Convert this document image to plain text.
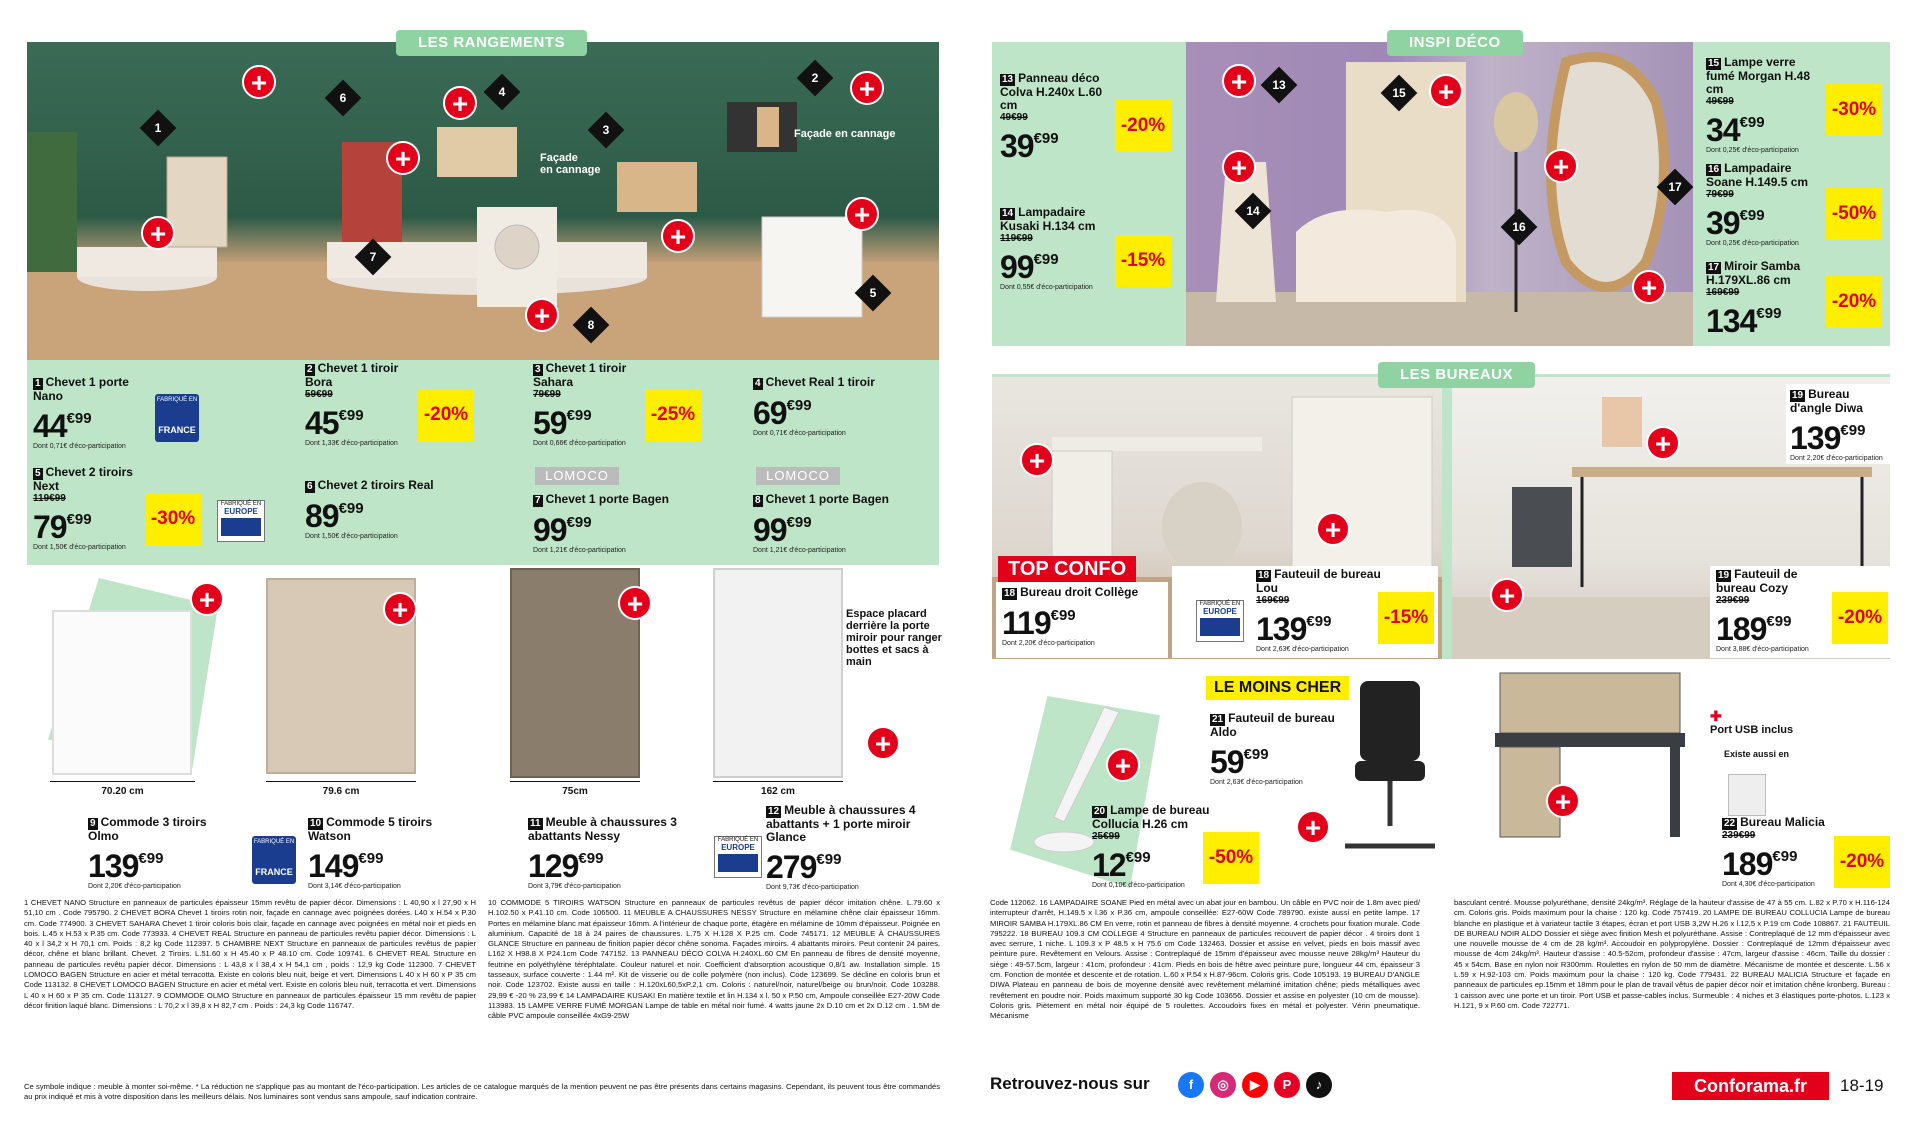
LES RANGEMENTS
1
2
3
4
5
6
7
8
+
+
+
+	+
+
+
+
Façade
en cannage
Façade en cannage
1 Chevet 1 porte Nano
$44^{€99}$
Dont 0,71€ d'éco-participation
FABRIQUÉ EN
FRANCE
2 Chevet 1 tiroir Bora
59€99
$45^{€99}$
Dont 1,33€ d'éco-participation
-20%
3 Chevet 1 tiroir Sahara
79€99
$59^{€99}$
Dont 0,66€ d'éco-participation
-25%
4 Chevet Real 1 tiroir
$69^{€99}$
Dont 0,71€ d'éco-participation
5 Chevet 2 tiroirs Next
119€99
$79^{€99}$
Dont 1,50€ d'éco-participation
-30%
FABRIQUÉ EN
EUROPE
6 Chevet 2 tiroirs Real
$89^{€99}$
Dont 1,50€ d'éco-participation
LOMOCO
7 Chevet 1 porte Bagen
$99^{€99}$
Dont 1,21€ d'éco-participation
LOMOCO
8 Chevet 1 porte Bagen
$99^{€99}$
Dont 1,21€ d'éco-participation
+	+	+
+
70.20 cm	79.6 cm	75cm	162 cm
Espace placard derrière la porte miroir pour ranger bottes et sacs à main
9 Commode 3 tiroirs Olmo
$139^{€99}$
Dont 2,20€ d'éco-participation
FABRIQUÉ EN
FRANCE
10 Commode 5 tiroirs Watson
$149^{€99}$
Dont 3,14€ d'éco-participation
11 Meuble à chaussures 3 abattants Nessy
$129^{€99}$
Dont 3,79€ d'éco-participation
FABRIQUÉ EN
EUROPE
12 Meuble à chaussures 4 abattants + 1 porte miroir Glance
$279^{€99}$
Dont 9,73€ d'éco-participation
1 CHEVET NANO Structure en panneaux de particules épaisseur 15mm revêtu de papier décor. Dimensions : L 40,90 x l 27,90 x H 51,10 cm . Code 795790. 2 CHEVET BORA Chevet 1 tiroirs rotin noir, façade en cannage avec poignées dorées. L40 x H.54 x P.30 cm. Code 774900. 3 CHEVET SAHARA Chevet 1 tiroir coloris bois clair, façade en cannage avec poignées en métal noir et pieds en bois. L.45 x H.53 x P.35 cm. Code 773933. 4 CHEVET REAL Structure en panneau de particules revêtu papier décor. Dimensions : L 40 x l 34,2 x H 70,1 cm. Poids : 8,2 kg Code 112397. 5 CHAMBRE NEXT Structure en panneaux de particules revêtus de papier décor, chêne et blanc brillant. Chevet. 2 Tiroirs. L.51.60 x H 45.40 x P 48.10 cm. Code 109741. 6 CHEVET REAL Structure en panneau de particules revêtu papier décor. Dimensions : L 43,8 x l 38,4 x H 54,1 cm , poids : 12,9 kg Code 112300. 7 CHEVET LOMOCO BAGEN Structure en acier et métal terracotta. Existe en coloris bleu nuit, beige et vert. Dimensions L 40 x H 60 x P 35 cm Code 113132. 8 CHEVET LOMOCO BAGEN Structure en acier et métal vert. Existe en coloris bleu nuit, terracotta et vert. Dimensions L 40 x H 60 x P 35 cm. Code 113127. 9 COMMODE OLMO Structure en panneaux de particules épaisseur 15 mm revêtu de papier décor finition laqué blanc. Dimensions : L 70,2 x l 39,8 x H 82,7 cm . Poids : 24,3 kg Code 116747.
10 COMMODE 5 TIROIRS WATSON Structure en panneaux de particules revêtus de papier décor imitation chêne. L.79.60 x H.102.50 x P.41.10 cm. Code 106500. 11 MEUBLE A CHAUSSURES NESSY Structure en mélamine chêne clair épaisseur 16mm. Portes en mélamine blanc mat épaisseur 16mm. A l'intérieur de chaque porte, étagère en mélamine de 10mm d'épaisseur. Poignée en aluminium. Capacité de 18 à 24 paires de chaussures. L.75 X H.128 X P.25 cm. Code 745171. 12 MEUBLE À CHAUSSURES GLANCE Structure en panneau de finition papier décor chêne sonoma. Façades miroirs. 4 abattants miroirs. Peut contenir 24 paires. L162 X H98.8 X P24.1cm Code 747152. 13 PANNEAU DÉCO COLVA H.240XL.60 CM En panneau de fibres de densité moyenne, feutrine en polyéthylène téréphtalate. Couleur naturel et noir. Coefficient d'absorption acoustique 0,8/1 aw. Installation simple. 15 tasseaux, surface couverte : 1.44 m². Kit de visserie ou de colle polymère (non inclus). Code 123699. Se décline en coloris brun et noir. Code 123702. Existe aussi en taille : H.120xL60,5xP.2,1 cm. Coloris : naturel/noir, naturel/beige ou brun/noir. Code 103288. 29,99 € -20 % 23,99 € 14 LAMPADAIRE KUSAKI En matière textile et lin H.134 x l. 50 x P.50 cm, Ampoule conseillée E27-20W Code 113983. 15 LAMPE VERRE FUMÉ MORGAN Lampe de table en métal noir fumé. 4 watts jaune 2x D.10 cm et 2x D.12 cm . 1.5M de câble PVC ampoule conseillée 4xG9-25W
Ce symbole indique : meuble à monter soi-même. * La réduction ne s'applique pas au montant de l'éco-participation. Les articles de ce catalogue marqués de la mention peuvent ne pas être présents dans certains magasins. Cependant, ils peuvent tous être commandés au prix indiqué et mis à votre disposition dans les meilleurs délais. Nos luminaires sont vendus sans ampoule, sauf indication contraire.
INSPI DÉCO
13
14
15
16
17
+	+
+	+
+
13 Panneau déco Colva H.240x L.60 cm
49€99
$39^{€99}$
-20%
14 Lampadaire Kusaki H.134 cm
119€99
$99^{€99}$
Dont 0,55€ d'éco-participation
-15%
15 Lampe verre fumé Morgan H.48 cm
49€99
$34^{€99}$
Dont 0,25€ d'éco-participation
-30%
16 Lampadaire Soane H.149.5 cm
79€99
$39^{€99}$
Dont 0,25€ d'éco-participation
-50%
17 Miroir Samba H.179XL.86 cm
169€99
$134^{€99}$
-20%
LES BUREAUX
+
+
+
+
TOP CONFO
18 Bureau droit Collège
$119^{€99}$
Dont 2,20€ d'éco-participation
FABRIQUÉ EN
EUROPE
18 Fauteuil de bureau Lou
169€99
$139^{€99}$
Dont 2,63€ d'éco-participation
-15%
19 Bureau d'angle Diwa
$139^{€99}$
Dont 2,20€ d'éco-participation
19 Fauteuil de bureau Cozy
239€99
$189^{€99}$
Dont 3,88€ d'éco-participation
-20%
+
LE MOINS CHER
21 Fauteuil de bureau Aldo
$59^{€99}$
Dont 2,63€ d'éco-participation
+
20 Lampe de bureau Collucia H.26 cm
25€99
$12^{€99}$
Dont 0,10€ d'éco-participation
-50%
+
✚
Port USB inclus
Existe aussi en
22 Bureau Malicia
239€99
$189^{€99}$
Dont 4,30€ d'éco-participation
-20%
Code 112062. 16 LAMPADAIRE SOANE Pied en métal avec un abat jour en bambou. Un câble en PVC noir de 1.8m avec pied/ interrupteur d'arrêt, H.149.5 x l.36 x P.36 cm, ampoule conseillée: E27-60W Code 789790. existe aussi en petite lampe. 17 MIROIR SAMBA H.179XL.86 CM En verre, rotin et panneau de fibres à densité moyenne. 4 crochets pour fixation murale. Code 795222. 18 BUREAU 109.3 CM COLLEGE 4 Structure en panneaux de particules recouvert de papier décor . 4 tiroirs dont 1 avec serrure, 1 niche. L 109.3 x P 48.5 x H 75.6 cm Code 132463. Dossier et assise en velvet, pieds en bois massif avec peinture pure. Revêtement en Velours. Assise : Contreplaqué de 15mm d'épaisseur avec mousse neuve 28kg/m³ Hauteur du siège : 49-57.5cm, largeur : 41cm, profondeur : 41cm. Pieds en bois de hêtre avec peinture pure, longueur 44 cm, épaisseur 3 cm. Fonction de montée et descente et de rotation. L.60 x P.54 x H.87-96cm. Coloris gris. Code 105193. 19 BUREAU D'ANGLE DIWA Plateau en panneau de bois de moyenne densité avec revêtement mélaminé imitation chêne; pieds métalliques avec revêtement en poudre noir. Poids maximum supporté 30 kg Code 103656. Dossier et assise en polyester (10 cm de mousse). Coloris gris. Piètement en métal noir équipé de 5 roulettes. Accoudoirs fixes en métal et polyester. Vérin pneumatique. Mécanisme
basculant centré. Mousse polyuréthane, densité 24kg/m³. Réglage de la hauteur d'assise de 47 à 55 cm. L.82 x P.70 x H.116-124 cm. Coloris gris. Poids maximum pour la chaise : 120 kg. Code 757419. 20 LAMPE DE BUREAU COLLUCIA Lampe de bureau blanche en plastique et à variateur tactile 3 étapes, écran et port USB 3,2W H.26 x l.12,5 x P.19 cm Code 108867. 21 FAUTEUIL DE BUREAU NOIR ALDO Dossier et siège avec finition Mesh et polyuréthane. Assise : Contreplaqué de 12 mm d'épaisseur avec une nouvelle mousse de 4 cm de 28 kg/m³. Accoudoir en polypropylène. Dossier : Contreplaqué de 12mm d'épaisseur avec mousse de 4cm 24kg/m³. Hauteur d'assise : 40.5-52cm, profondeur d'assise : 47cm, largeur d'assise : 46cm. Taille du dossier : 45 x 54cm. Base en nylon noir R300mm. Roulettes en nylon de 50 mm de diamètre. Mécanisme de montée et descente. L.56 x L.59 x H.92-103 cm. Poids maximum pour la chaise : 120 kg. Code 779431. 22 BUREAU MALICIA Structure et façade en panneaux de particules ep.15mm et 18mm pour le plan de travail vêtus de papier décor noir et imitation chêne kronberg. Bureau : 1 caisson avec une porte et un tiroir. Port USB et passe-cables inclus. Surmeuble : 4 niches et 3 élastiques porte-photos. L.123 x H.121, 9 x P.60 cm. Code 722771.
Retrouvez-nous sur	f	◎	▶	P	♪	Conforama.fr	18-19
